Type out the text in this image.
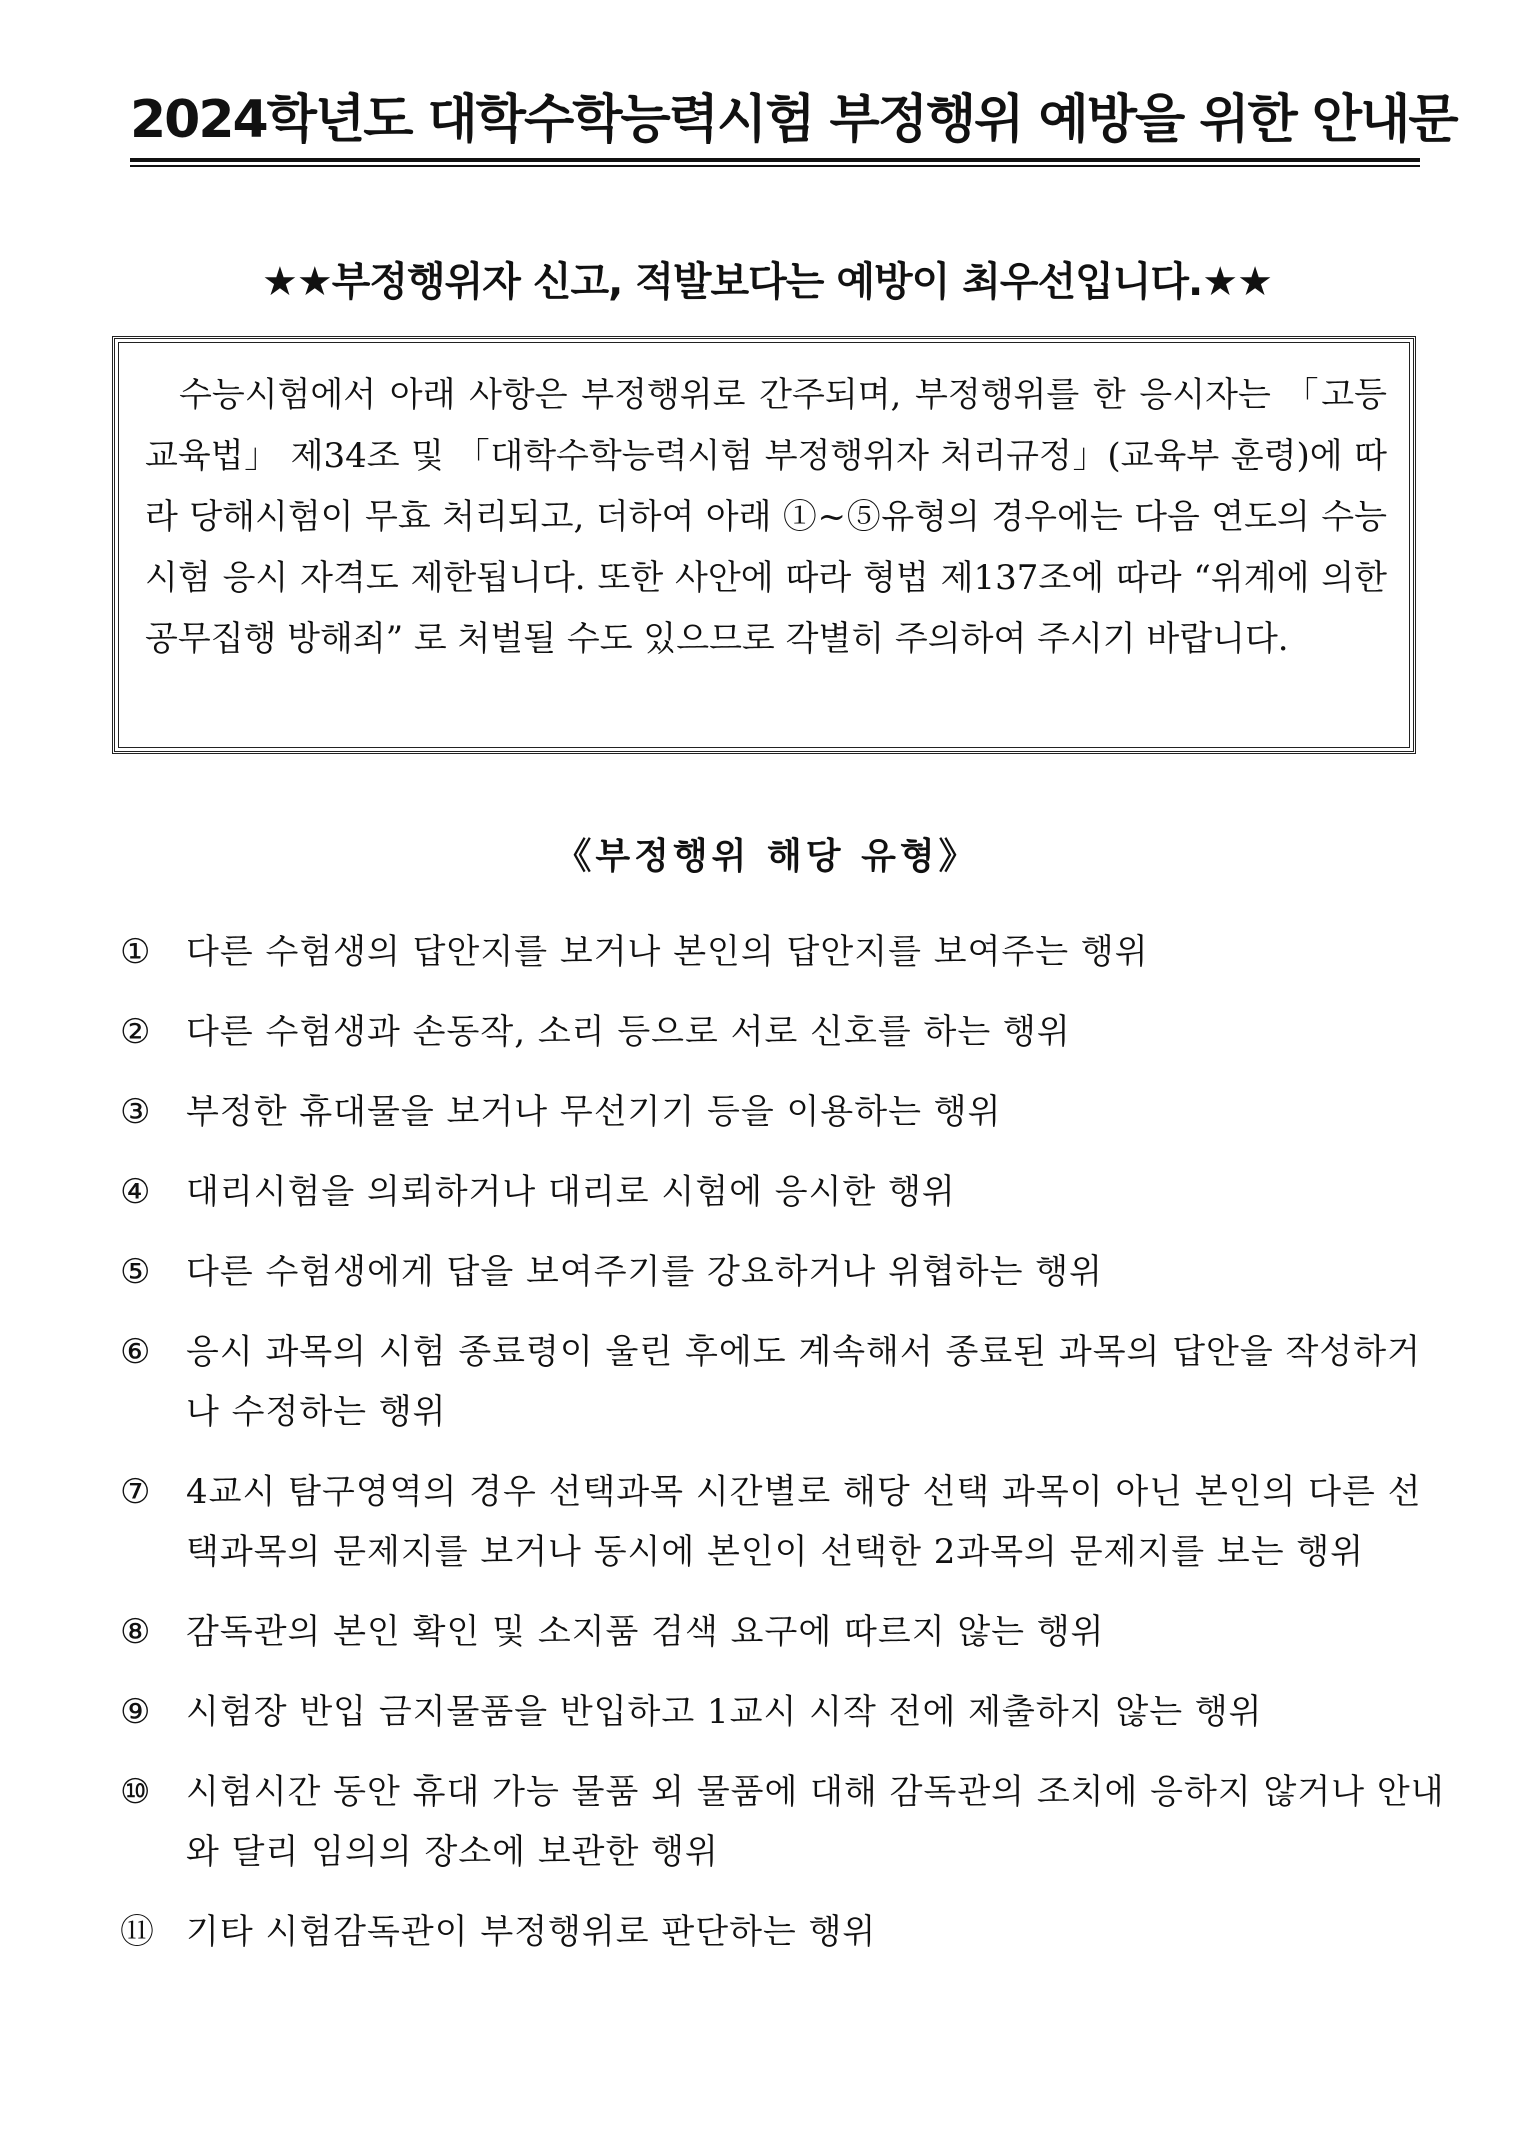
2024학년도 대학수학능력시험 부정행위 예방을 위한 안내문
★★부정행위자 신고, 적발보다는 예방이 최우선입니다.★★

수능시험에서 아래 사항은 부정행위로 간주되며, 부정행위를 한 응시자는 「고등교육법」 제34조 및 「대학수학능력시험 부정행위자 처리규정」(교육부 훈령)에 따라 당해시험이 무효 처리되고, 더하여 아래 ①~⑤유형의 경우에는 다음 연도의 수능시험 응시 자격도 제한됩니다. 또한 사안에 따라 형법 제137조에 따라 “위계에 의한 공무집행 방해죄” 로 처벌될 수도 있으므로 각별히 주의하여 주시기 바랍니다.

《부정행위 해당 유형》
①	다른 수험생의 답안지를 보거나 본인의 답안지를 보여주는 행위
②	다른 수험생과 손동작, 소리 등으로 서로 신호를 하는 행위
③	부정한 휴대물을 보거나 무선기기 등을 이용하는 행위
④	대리시험을 의뢰하거나 대리로 시험에 응시한 행위
⑤	다른 수험생에게 답을 보여주기를 강요하거나 위협하는 행위
⑥	응시 과목의 시험 종료령이 울린 후에도 계속해서 종료된 과목의 답안을 작성하거나 수정하는 행위
⑦	4교시 탐구영역의 경우 선택과목 시간별로 해당 선택 과목이 아닌 본인의 다른 선택과목의 문제지를 보거나 동시에 본인이 선택한 2과목의 문제지를 보는 행위
⑧	감독관의 본인 확인 및 소지품 검색 요구에 따르지 않는 행위
⑨	시험장 반입 금지물품을 반입하고 1교시 시작 전에 제출하지 않는 행위
⑩	시험시간 동안 휴대 가능 물품 외 물품에 대해 감독관의 조치에 응하지 않거나 안내와 달리 임의의 장소에 보관한 행위
⑪ 기타 시험감독관이 부정행위로 판단하는 행위
